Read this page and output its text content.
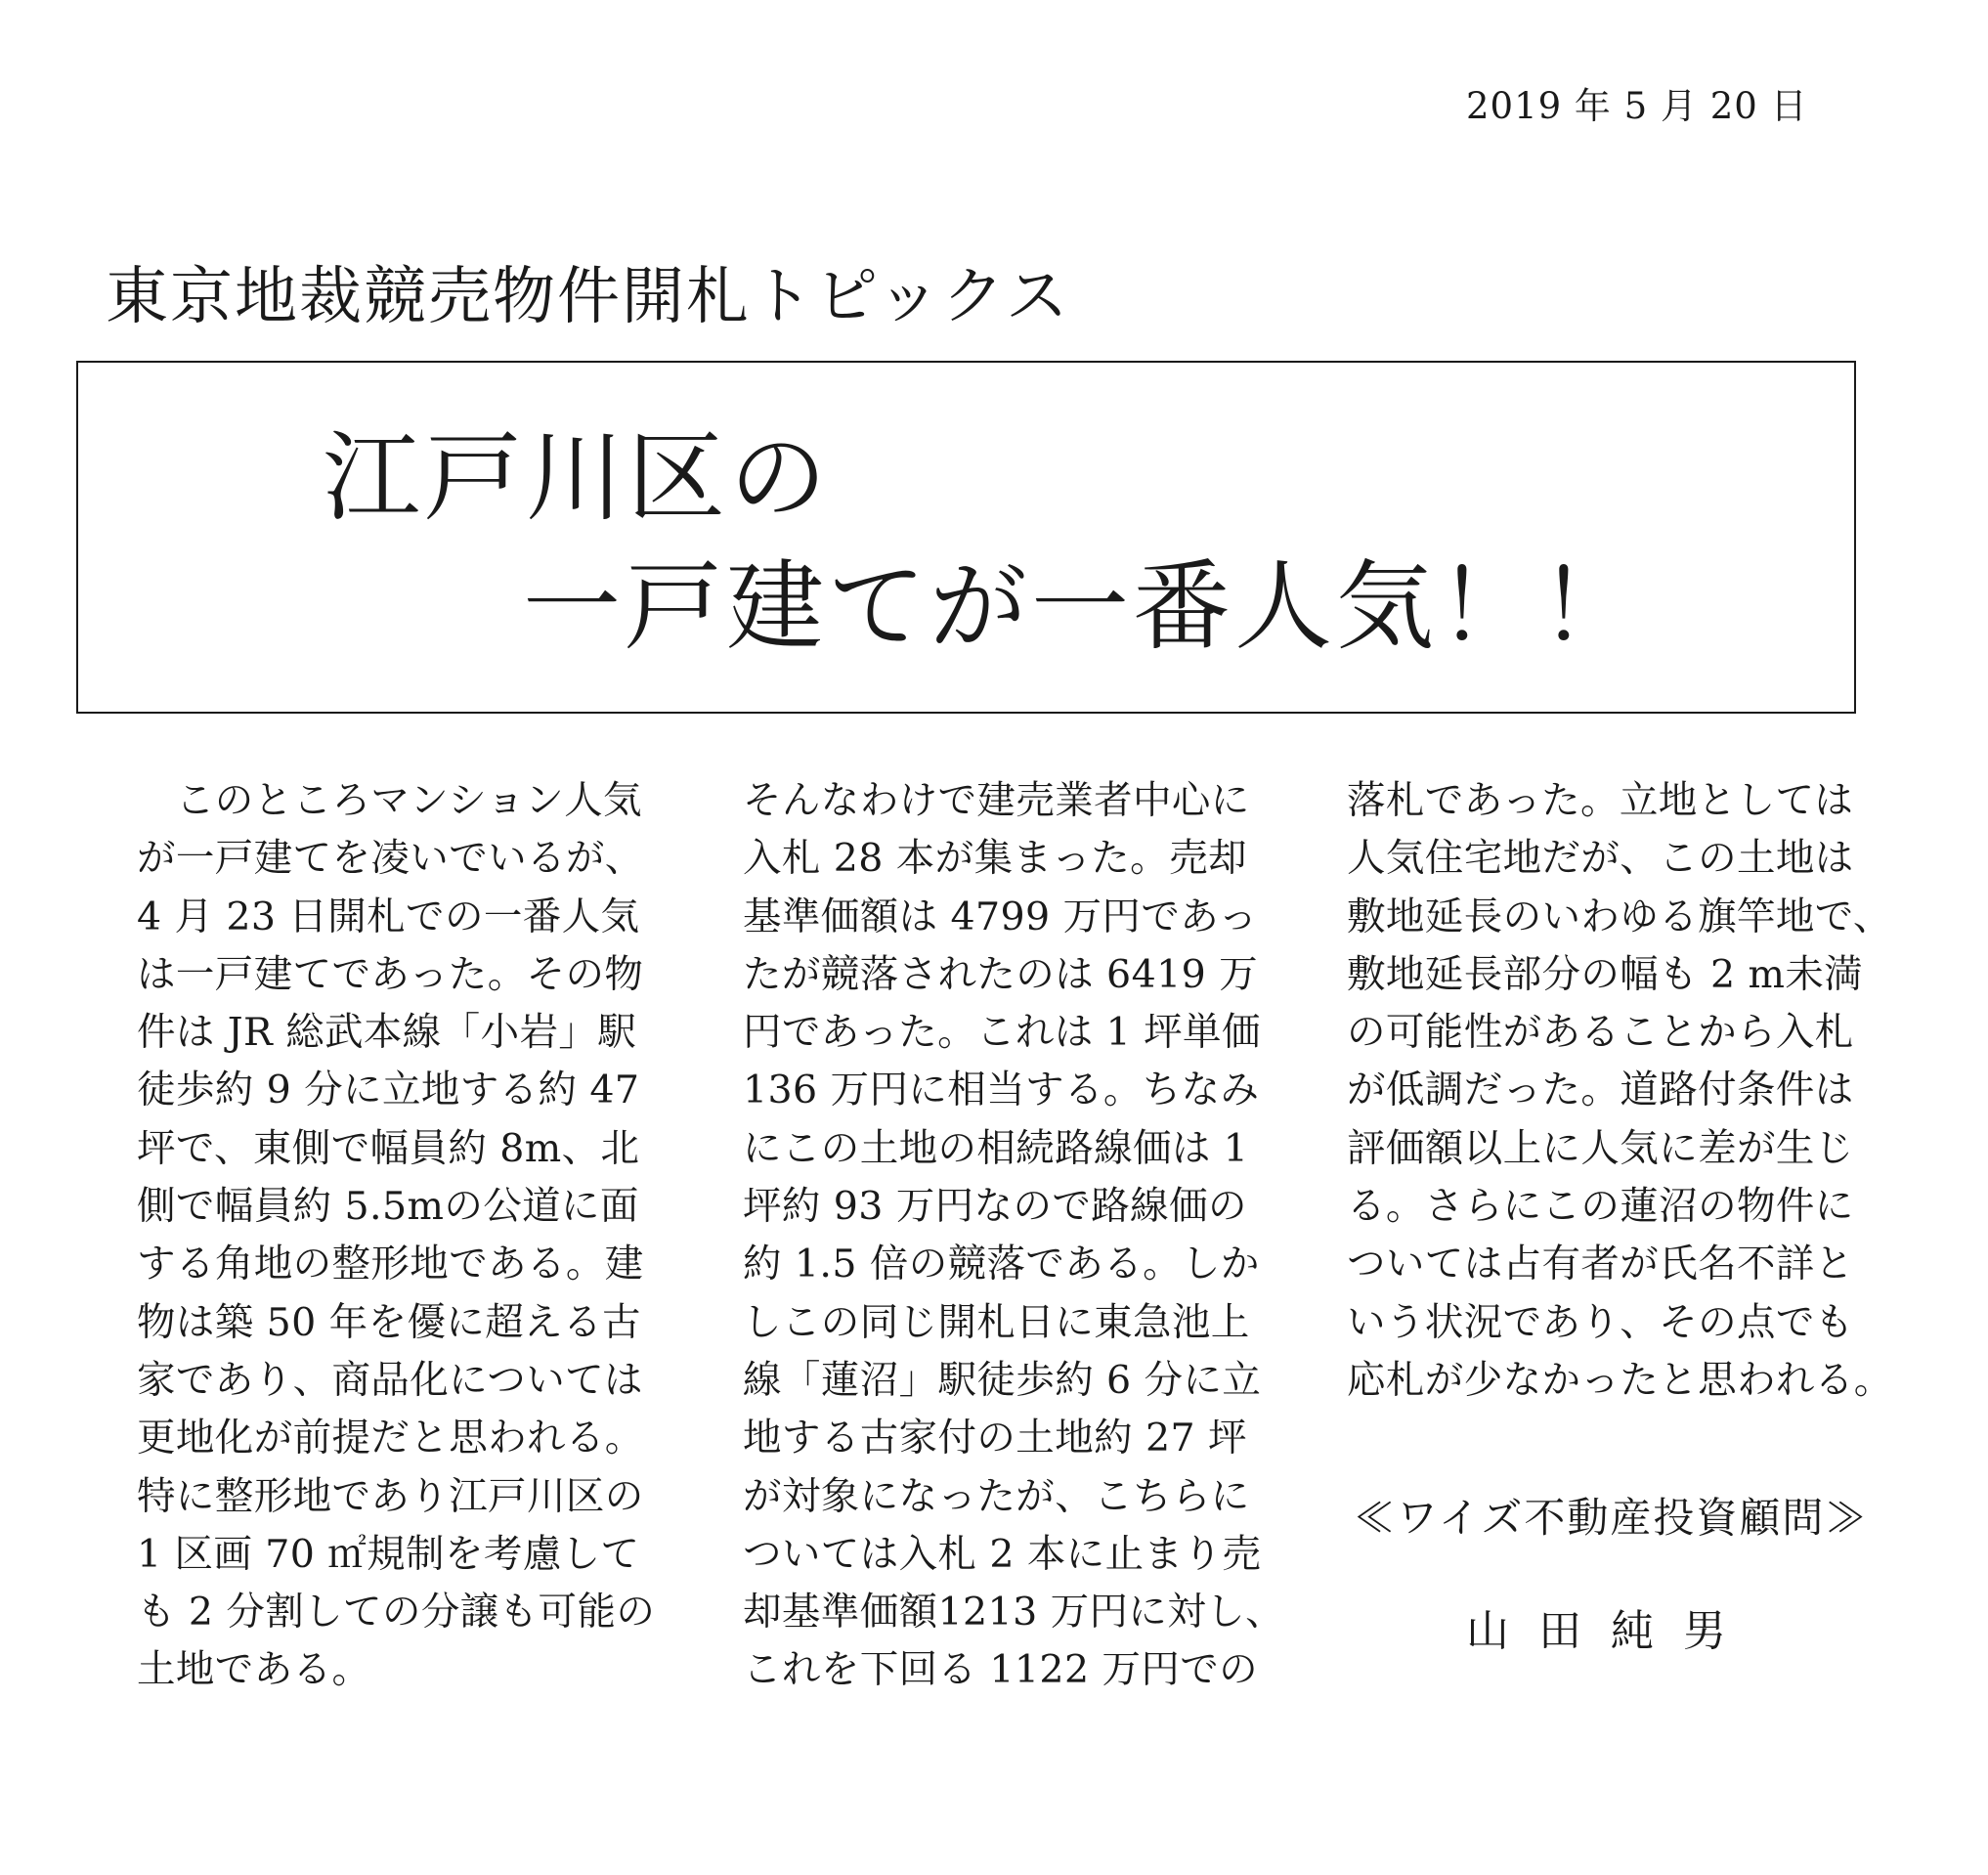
2019 年 5 月 20 日
東京地裁競売物件開札トピックス
江戸川区の
一戸建てが一番人気！！
　このところマンション人気
が一戸建てを凌いでいるが、
4 月 23 日開札での一番人気
は一戸建てであった。その物
件は JR 総武本線「小岩」駅
徒歩約 9 分に立地する約 47
坪で、東側で幅員約 8m、北
側で幅員約 5.5mの公道に面
する角地の整形地である。建
物は築 50 年を優に超える古
家であり、商品化については
更地化が前提だと思われる。
特に整形地であり江戸川区の
1 区画 70 ㎡規制を考慮して
も 2 分割しての分譲も可能の
土地である。
そんなわけで建売業者中心に
入札 28 本が集まった。売却
基準価額は 4799 万円であっ
たが競落されたのは 6419 万
円であった。これは 1 坪単価
136 万円に相当する。ちなみ
にこの土地の相続路線価は 1
坪約 93 万円なので路線価の
約 1.5 倍の競落である。しか
しこの同じ開札日に東急池上
線「蓮沼」駅徒歩約 6 分に立
地する古家付の土地約 27 坪
が対象になったが、こちらに
ついては入札 2 本に止まり売
却基準価額1213 万円に対し、
これを下回る 1122 万円での
落札であった。立地としては
人気住宅地だが、この土地は
敷地延長のいわゆる旗竿地で、
敷地延長部分の幅も 2 m未満
の可能性があることから入札
が低調だった。道路付条件は
評価額以上に人気に差が生じ
る。さらにこの蓮沼の物件に
ついては占有者が氏名不詳と
いう状況であり、その点でも
応札が少なかったと思われる。
≪ワイズ不動産投資顧問≫
山田純男
